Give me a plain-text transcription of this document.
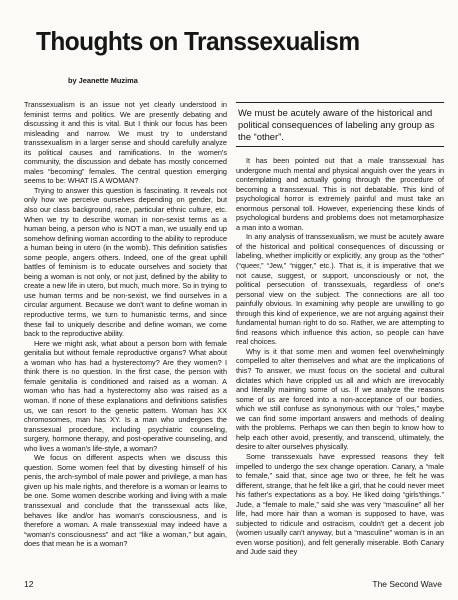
Thoughts on Transsexualism

by Jeanette Muzima

Transsexualism is an issue not yet clearly understood in feminist terms and politics. We are presently debating and discussing it and this is vital. But I think our focus has been misleading and narrow. We must try to understand transsexualism in a larger sense and should carefully analyze its political causes and ramifications. In the women's community, the discussion and debate has mostly concerned males “becoming” females. The central question emerging seems to be: WHAT IS A WOMAN?

Trying to answer this question is fascinating. It reveals not only how we perceive ourselves depending on gender, but also our class background, race, particular ethnic culture, etc. When we try to describe woman in non-sexist terms as a human being, a person who is NOT a man, we usually end up somehow defining woman according to the ability to reproduce a human being in utero (in the womb). This definition satisfies some people, angers others. Indeed, one of the great uphill battles of feminism is to educate ourselves and society that being a woman is not only, or not just, defined by the ability to create a new life in utero, but much, much more. So in trying to use human terms and be non-sexist, we find ourselves in a circular argument. Because we don't want to define woman in reproductive terms, we turn to humanistic terms, and since these fail to uniquely describe and define woman, we come back to the reproductive ability.

Here we might ask, what about a person born with female genitalia but without female reproductive organs? What about a woman who has had a hysterectomy? Are they women? I think there is no question. In the first case, the person with female genitalia is conditioned and raised as a woman. A woman who has had a hysterectomy also was raised as a woman. If none of these explanations and definitions satisfies us, we can resort to the genetic pattern. Woman has XX chromosomes, man has XY. Is a man who undergoes the transsexual procedure, including psychiatric counseling, surgery, hormone therapy, and post-operative counseling, and who lives a woman's life-style, a woman?

We focus on different aspects when we discuss this question. Some women feel that by divesting himself of his penis, the arch-symbol of male power and privilege, a man has given up his male rights, and therefore is a woman or learns to be one. Some women describe working and living with a male transsexual and conclude that the transsexual acts like, behaves like and/or has woman's consciousness, and is therefore a woman. A male transsexual may indeed have a “woman's consciousness” and act “like a woman,” but again, does that mean he is a woman?

We must be acutely aware of the historical and political consequences of labeling any group as the “other”.

It has been pointed out that a male transsexual has undergone much mental and physical anguish over the years in contemplating and actually going through the procedure of becoming a transsexual. This is not debatable. This kind of psychological horror is extremely painful and must take an enormous personal toll. However, experiencing these kinds of psychological burdens and problems does not metamorphasize a man into a woman.

In any analysis of transsexualism, we must be acutely aware of the historical and political consequences of discussing or labeling, whether implicitly or explicitly, any group as the “other” (“queer,” “Jew,” “nigger,” etc.). That is, it is imperative that we not cause, suggest, or support, unconsciously or not, the political persecution of transsexuals, regardless of one's personal view on the subject. The connections are all too painfully obvious. In examining why people are unwilling to go through this kind of experience, we are not arguing against their fundamental human right to do so. Rather, we are attempting to find reasons which influence this action, so people can have real choices.

Why is it that some men and women feel overwhelmingly compelled to alter themselves and what are the implications of this? To answer, we must focus on the societal and cultural dictates which have crippled us all and which are irrevocably and literally maiming some of us. If we analyze the reasons some of us are forced into a non-acceptance of our bodies, which we still confuse as synonymous with our “roles,” maybe we can find some important answers and methods of dealing with the problems. Perhaps we can then begin to know how to help each other avoid, presently, and transcend, ultimately, the desire to alter ourselves physically.

Some transsexuals have expressed reasons they felt impelled to undergo the sex change operation. Canary, a “male to female,” said that, since age two or three, he felt he was different, strange, that he felt like a girl, that he could never meet his father's expectations as a boy. He liked doing “girls'things.” Jude, a “female to male,” said she was very “masculine” all her life, had more hair than a woman is supposed to have, was subjected to ridicule and ostracism, couldn't get a decent job (women usually can't anyway, but a “masculine” woman is in an even worse position), and felt generally miserable. Both Canary and Jude said they

12	The Second Wave
